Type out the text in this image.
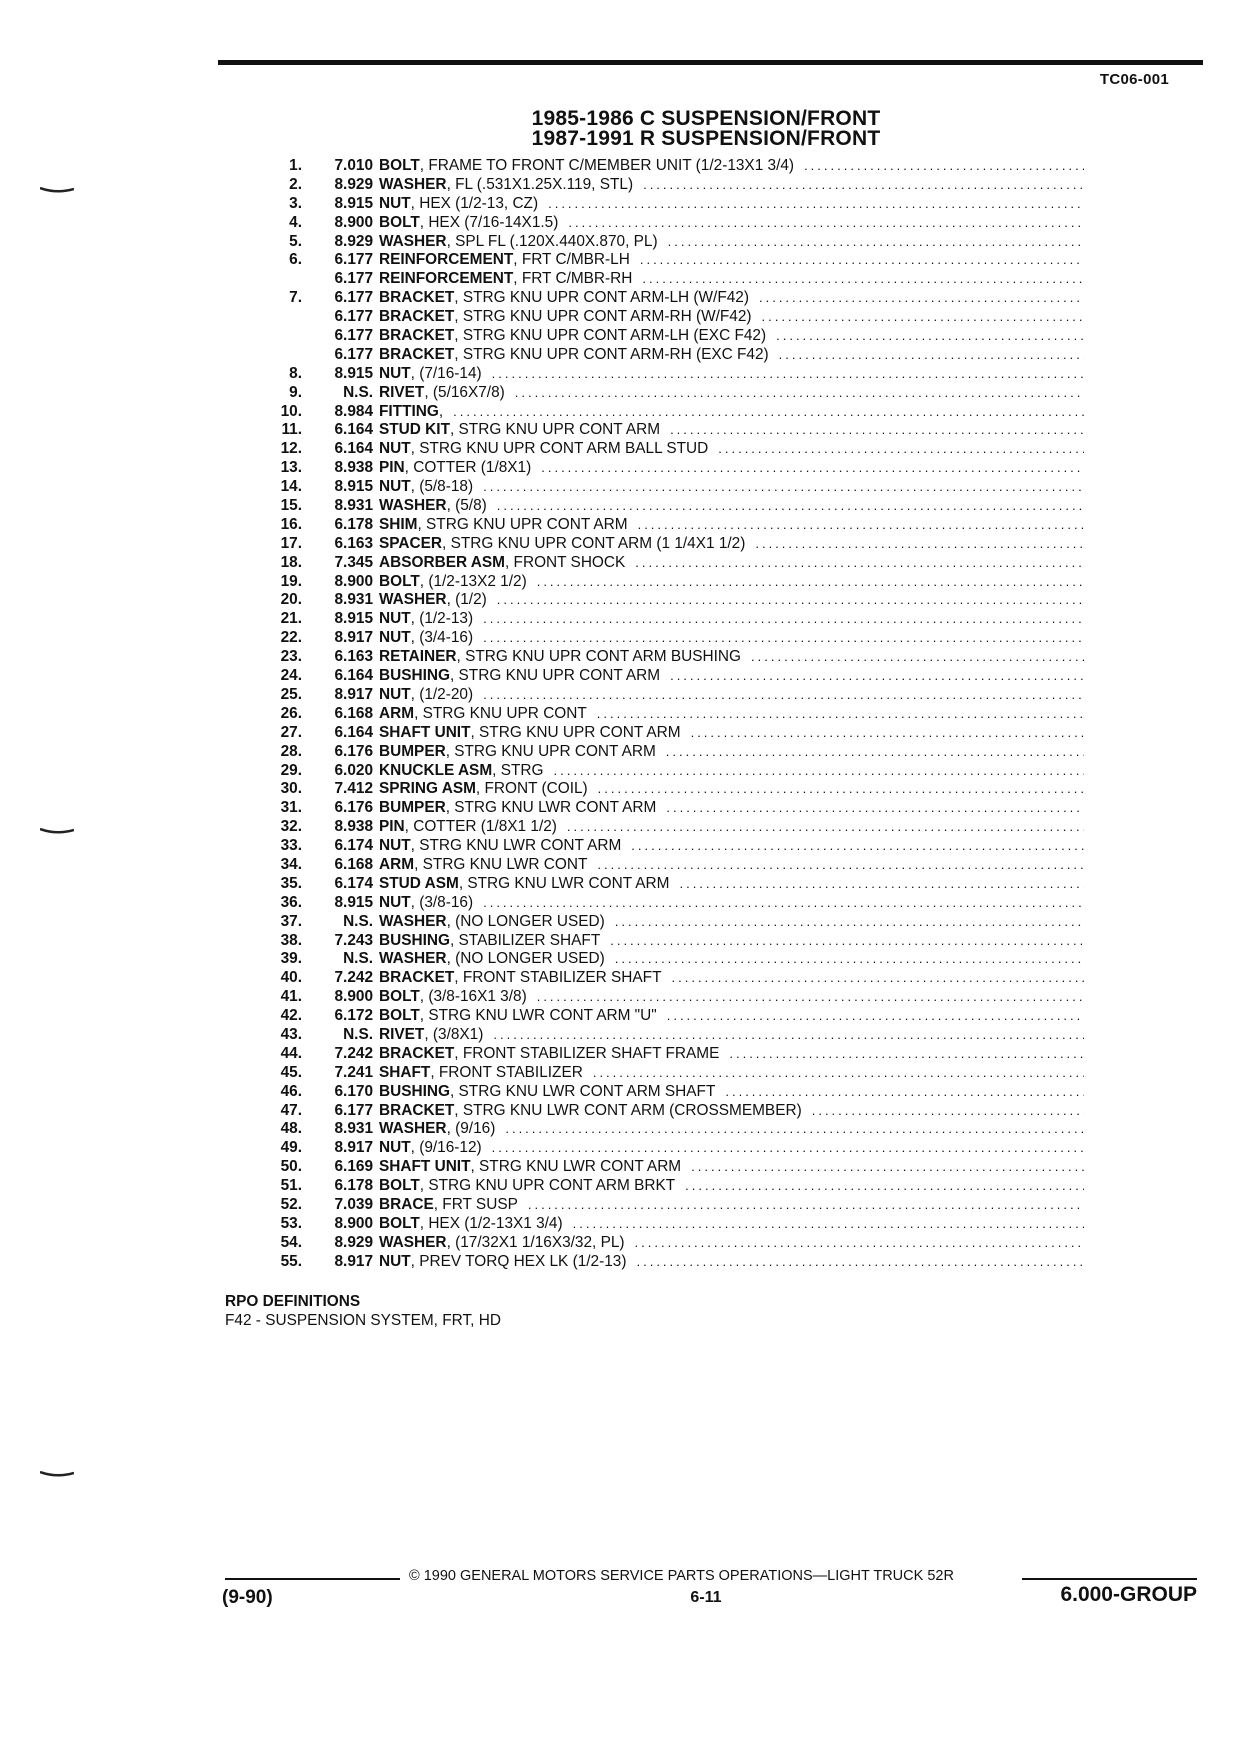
TC06-001
1985-1986 C SUSPENSION/FRONT
1987-1991 R SUSPENSION/FRONT
1.	7.010 BOLT , FRAME TO FRONT C/MEMBER UNIT (1/2-13X1 3/4)
.....
2.	8.929 WASHER , FL (.531X1.25X.119, STL)
.....
3.	8.915 NUT , HEX (1/2-13, CZ)
.....
4.	8.900 BOLT , HEX (7/16-14X1.5)
.....
5.	8.929 WASHER , SPL FL (.120X.440X.870, PL)
.....
6.	6.177 REINFORCEMENT , FRT C/MBR-LH
.....
6.177 REINFORCEMENT , FRT C/MBR-RH
.....
7.	6.177 BRACKET , STRG KNU UPR CONT ARM-LH (W/F42)
.....
6.177 BRACKET , STRG KNU UPR CONT ARM-RH (W/F42)
.....
6.177 BRACKET , STRG KNU UPR CONT ARM-LH (EXC F42)
.....
6.177 BRACKET , STRG KNU UPR CONT ARM-RH (EXC F42)
.....
8.	8.915 NUT , (7/16-14)
.....
9.	N.S. RIVET , (5/16X7/8)
.....
10.	8.984 FITTING
,
.....
11.	6.164 STUD KIT , STRG KNU UPR CONT ARM
.....
12.	6.164 NUT , STRG KNU UPR CONT ARM BALL STUD
.....
13.	8.938 PIN , COTTER (1/8X1)
.....
14.	8.915 NUT , (5/8-18)
.....
15.	8.931 WASHER , (5/8)
.....
16.	6.178 SHIM , STRG KNU UPR CONT ARM
.....
17.	6.163 SPACER , STRG KNU UPR CONT ARM (1 1/4X1 1/2)
.....
18.	7.345 ABSORBER ASM , FRONT SHOCK
.....
19.	8.900 BOLT , (1/2-13X2 1/2)
.....
20.	8.931 WASHER , (1/2)
.....
21.	8.915 NUT , (1/2-13)
.....
22.	8.917 NUT , (3/4-16)
.....
23.	6.163 RETAINER , STRG KNU UPR CONT ARM BUSHING
.....
24.	6.164 BUSHING , STRG KNU UPR CONT ARM
.....
25.	8.917 NUT , (1/2-20)
.....
26.	6.168 ARM , STRG KNU UPR CONT
.....
27.	6.164 SHAFT UNIT , STRG KNU UPR CONT ARM
.....
28.	6.176 BUMPER , STRG KNU UPR CONT ARM
.....
29.	6.020 KNUCKLE ASM , STRG
.....
30.	7.412 SPRING ASM , FRONT (COIL)
.....
31.	6.176 BUMPER , STRG KNU LWR CONT ARM
.....
32.	8.938 PIN , COTTER (1/8X1 1/2)
.....
33.	6.174 NUT , STRG KNU LWR CONT ARM
.....
34.	6.168 ARM , STRG KNU LWR CONT
.....
35.	6.174 STUD ASM , STRG KNU LWR CONT ARM
.....
36.	8.915 NUT , (3/8-16)
.....
37.	N.S. WASHER , (NO LONGER USED)
.....
38.	7.243 BUSHING , STABILIZER SHAFT
.....
39.	N.S. WASHER , (NO LONGER USED)
.....
40.	7.242 BRACKET , FRONT STABILIZER SHAFT
.....
41.	8.900 BOLT , (3/8-16X1 3/8)
.....
42.	6.172 BOLT , STRG KNU LWR CONT ARM "U"
.....
43.	N.S. RIVET , (3/8X1)
.....
44.	7.242 BRACKET , FRONT STABILIZER SHAFT FRAME
.....
45.	7.241 SHAFT , FRONT STABILIZER
.....
46.	6.170 BUSHING , STRG KNU LWR CONT ARM SHAFT
.....
47.	6.177 BRACKET , STRG KNU LWR CONT ARM (CROSSMEMBER)
.....
48.	8.931 WASHER , (9/16)
.....
49.	8.917 NUT , (9/16-12)
.....
50.	6.169 SHAFT UNIT , STRG KNU LWR CONT ARM
.....
51.	6.178 BOLT , STRG KNU UPR CONT ARM BRKT
.....
52.	7.039 BRACE , FRT SUSP
.....
53.	8.900 BOLT , HEX (1/2-13X1 3/4)
.....
54.	8.929 WASHER , (17/32X1 1/16X3/32, PL)
.....
55.	8.917 NUT , PREV TORQ HEX LK (1/2-13)
.....
RPO DEFINITIONS
F42 - SUSPENSION SYSTEM, FRT, HD
© 1990 GENERAL MOTORS SERVICE PARTS OPERATIONS—LIGHT TRUCK 52R
(9-90)	6-11	6.000-GROUP
